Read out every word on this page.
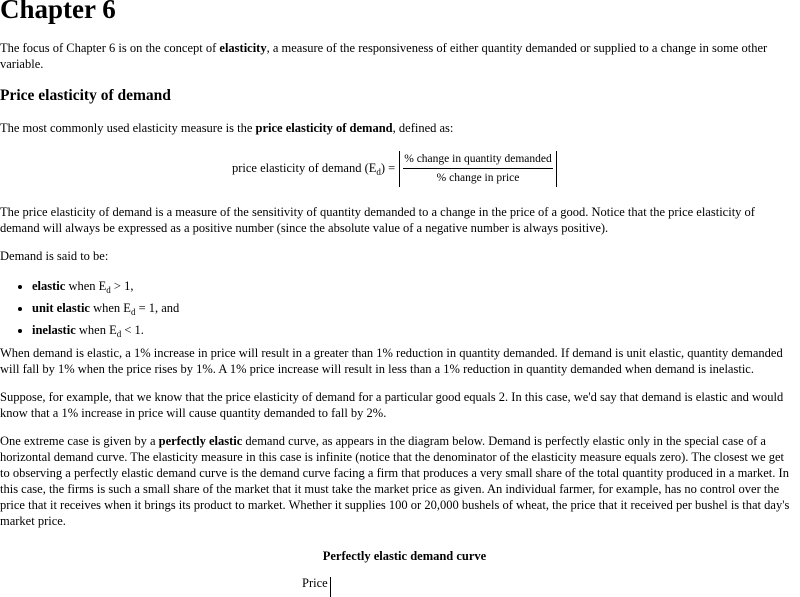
Chapter 6

The focus of Chapter 6 is on the concept of elasticity, a measure of the responsiveness of either quantity demanded or supplied to a change in some other variable.

Price elasticity of demand

The most commonly used elasticity measure is the price elasticity of demand, defined as:

price elasticity of demand $(E_d) = \frac{\text{\% change in quantity demanded}}{\text{\% change in price}}$

The price elasticity of demand is a measure of the sensitivity of quantity demanded to a change in the price of a good. Notice that the price elasticity of demand will always be expressed as a positive number (since the absolute value of a negative number is always positive).

Demand is said to be:

• elastic when $E_d > 1$,
• unit elastic when $E_d = 1$, and
• inelastic when $E_d < 1$.

When demand is elastic, a 1% increase in price will result in a greater than 1% reduction in quantity demanded. If demand is unit elastic, quantity demanded will fall by 1% when the price rises by 1%. A 1% price increase will result in less than a 1% reduction in quantity demanded when demand is inelastic.

Suppose, for example, that we know that the price elasticity of demand for a particular good equals 2. In this case, we'd say that demand is elastic and would know that a 1% increase in price will cause quantity demanded to fall by 2%.

One extreme case is given by a perfectly elastic demand curve, as appears in the diagram below. Demand is perfectly elastic only in the special case of a horizontal demand curve. The elasticity measure in this case is infinite (notice that the denominator of the elasticity measure equals zero). The closest we get to observing a perfectly elastic demand curve is the demand curve facing a firm that produces a very small share of the total quantity produced in a market. In this case, the firms is such a small share of the market that it must take the market price as given. An individual farmer, for example, has no control over the price that it receives when it brings its product to market. Whether it supplies 100 or 20,000 bushels of wheat, the price that it received per bushel is that day's market price.

Perfectly elastic demand curve

Price
